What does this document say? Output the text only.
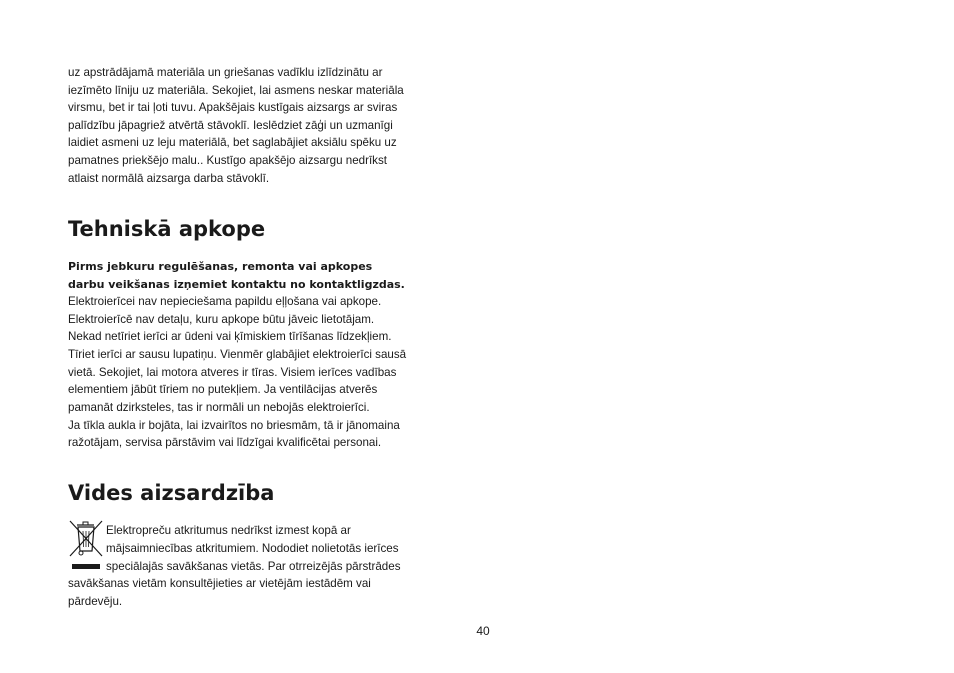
uz apstrādājamā materiāla un griešanas vadīklu izlīdzinātu ar
iezīmēto līniju uz materiāla. Sekojiet, lai asmens neskar materiāla
virsmu, bet ir tai ļoti tuvu. Apakšējais kustīgais aizsargs ar sviras
palīdzību jāpagriež atvērtā stāvoklī. Ieslēdziet zāģi un uzmanīgi
laidiet asmeni uz leju materiālā, bet saglabājiet aksiālu spēku uz
pamatnes priekšējo malu.. Kustīgo apakšējo aizsargu nedrīkst
atlaist normālā aizsarga darba stāvoklī.
Tehniskā apkope
Pirms jebkuru regulēšanas, remonta vai apkopes
darbu veikšanas izņemiet kontaktu no kontaktligzdas.
Elektroierīcei nav nepieciešama papildu eļļošana vai apkope.
Elektroierīcē nav detaļu, kuru apkope būtu jāveic lietotājam.
Nekad netīriet ierīci ar ūdeni vai ķīmiskiem tīrīšanas līdzekļiem.
Tīriet ierīci ar sausu lupatiņu. Vienmēr glabājiet elektroierīci sausā
vietā. Sekojiet, lai motora atveres ir tīras. Visiem ierīces vadības
elementiem jābūt tīriem no putekļiem. Ja ventilācijas atverēs
pamanāt dzirksteles, tas ir normāli un nebojās elektroierīci.
Ja tīkla aukla ir bojāta, lai izvairītos no briesmām, tā ir jānomaina
ražotājam, servisa pārstāvim vai līdzīgai kvalificētai personai.
Vides aizsardzība
Elektropreču atkritumus nedrīkst izmest kopā ar
mājsaimniecības atkritumiem. Nododiet nolietotās ierīces
speciālajās savākšanas vietās. Par otrreizējās pārstrādes
savākšanas vietām konsultējieties ar vietējām iestādēm vai
pārdevēju.
40
